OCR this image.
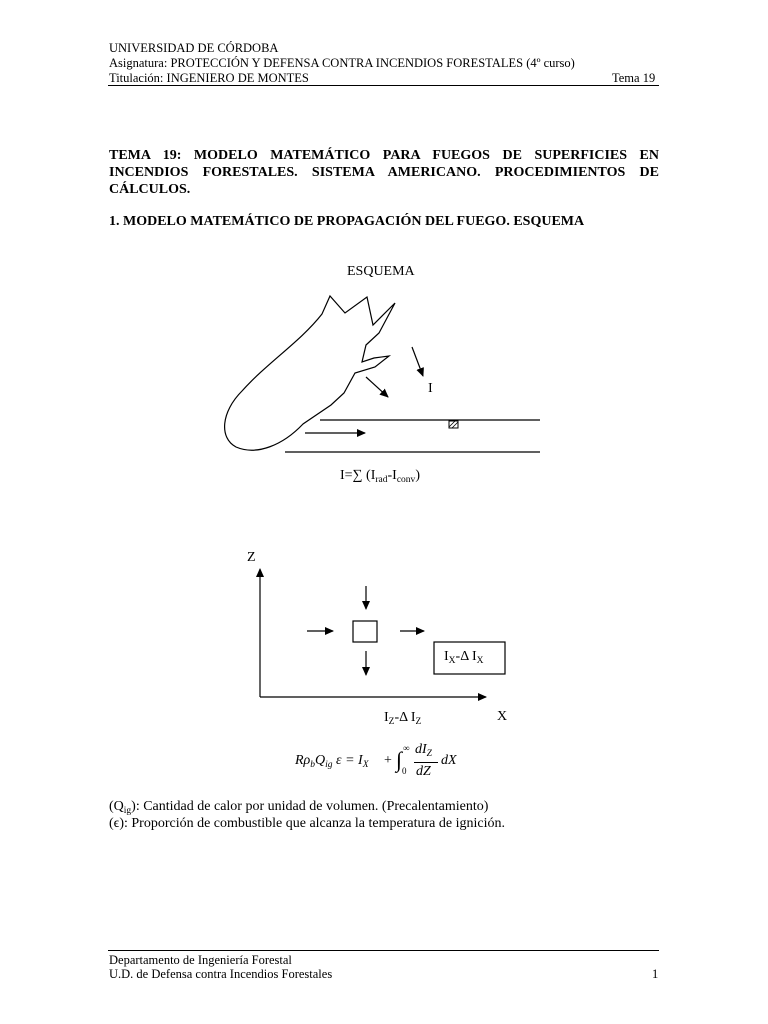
UNIVERSIDAD DE CÓRDOBA
Asignatura: PROTECCIÓN Y DEFENSA CONTRA INCENDIOS FORESTALES (4º curso)
Titulación: INGENIERO DE MONTES	Tema 19
TEMA 19: MODELO MATEMÁTICO PARA FUEGOS DE SUPERFICIES EN INCENDIOS FORESTALES. SISTEMA AMERICANO. PROCEDIMIENTOS DE CÁLCULOS.
1. MODELO MATEMÁTICO DE PROPAGACIÓN DEL FUEGO. ESQUEMA
ESQUEMA
I
I=∑ $(I_{rad}-I_{conv})$
Z
X
$I_X-\Delta$ $I_X$
$I_Z-\Delta$ $I_Z$
$R\rho_bQ_{ig}$ $\varepsilon = I_X$ + ∫ ∞
0
$dI_Z$
dZ
dX
$(Q_{ig})$: Cantidad de calor por unidad de volumen. (Precalentamiento)
(ϵ): Proporción de combustible que alcanza la temperatura de ignición.
Departamento de Ingeniería Forestal
U.D. de Defensa contra Incendios Forestales	1
